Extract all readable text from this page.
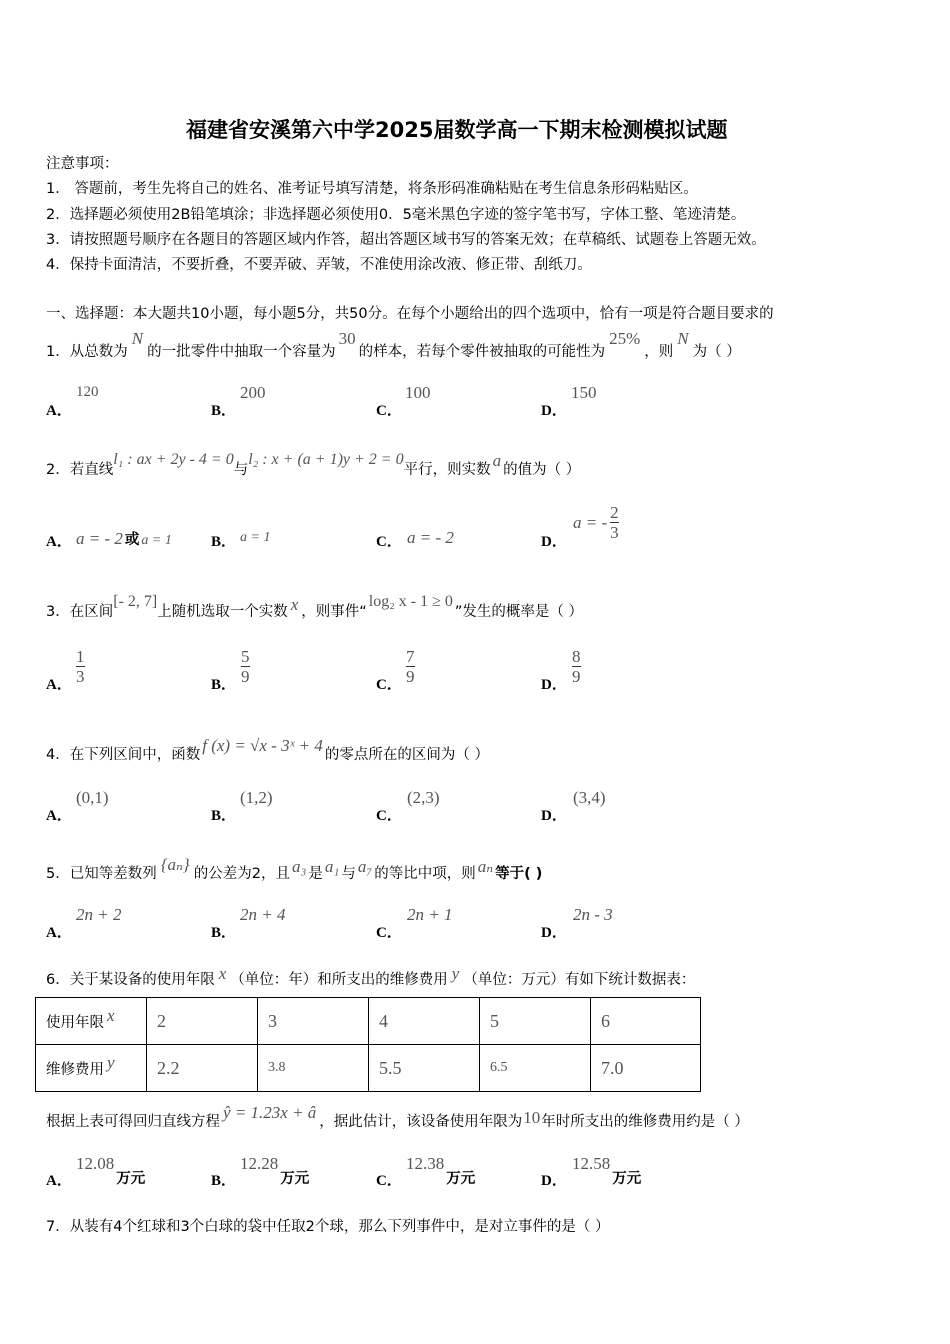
福建省安溪第六中学2025届数学高一下期末检测模拟试题
注意事项：
1． 答题前，考生先将自己的姓名、准考证号填写清楚，将条形码准确粘贴在考生信息条形码粘贴区。
2．选择题必须使用2B铅笔填涂；非选择题必须使用0．5毫米黑色字迹的签字笔书写，字体工整、笔迹清楚。
3．请按照题号顺序在各题目的答题区域内作答，超出答题区域书写的答案无效；在草稿纸、试题卷上答题无效。
4．保持卡面清洁，不要折叠，不要弄破、弄皱，不准使用涂改液、修正带、刮纸刀。
一、选择题：本大题共10小题，每小题5分，共50分。在每个小题给出的四个选项中，恰有一项是符合题目要求的
1．从总数为N的一批零件中抽取一个容量为30的样本，若每个零件被抽取的可能性为25%，则N为（ ）
A．
120
B．
200
C．
100
D．
150
2．若直线l₁ : ax + 2y - 4 = 0与l₂ : x + (a + 1)y + 2 = 0平行，则实数 a 的值为（ ）
A． a = - 2 或 a = 1	B． a = 1	C． a = - 2	D．
a = - $\frac{2}{3}$
3．在区间[- 2, 7]上随机选取一个实数 x ，则事件“log₂ x - 1 ≥ 0”发生的概率是（ ）
A．
1
3	B．
5
9	C．
7
9	D．
8
9
4．在下列区间中，函数 f (x) = √x - 3ˣ + 4 的零点所在的区间为（ ）
A．
(0,1)
B．
(1,2)
C．
(2,3)
D．
(3,4)
5．已知等差数列 {aₙ} 的公差为2，且 a₃ 是 a₁ 与 a₇ 的等比中项，则 aₙ 等于( )
A．
2n + 2
B．
2n + 4
C．
2n + 1
D．
2n - 3
6．关于某设备的使用年限 x （单位：年）和所支出的维修费用 y （单位：万元）有如下统计数据表：
使用年限 x	2	3	4	5	6
维修费用 y	2.2	3.8	5.5	6.5	7.0
根据上表可得回归直线方程 ŷ = 1.23x + â ，据此估计，该设备使用年限为10年时所支出的维修费用约是（ ）
A．
12.08万元	B．
12.28万元	C．
12.38万元	D．
12.58万元
7．从装有4个红球和3个白球的袋中任取2个球，那么下列事件中，是对立事件的是（ ）
